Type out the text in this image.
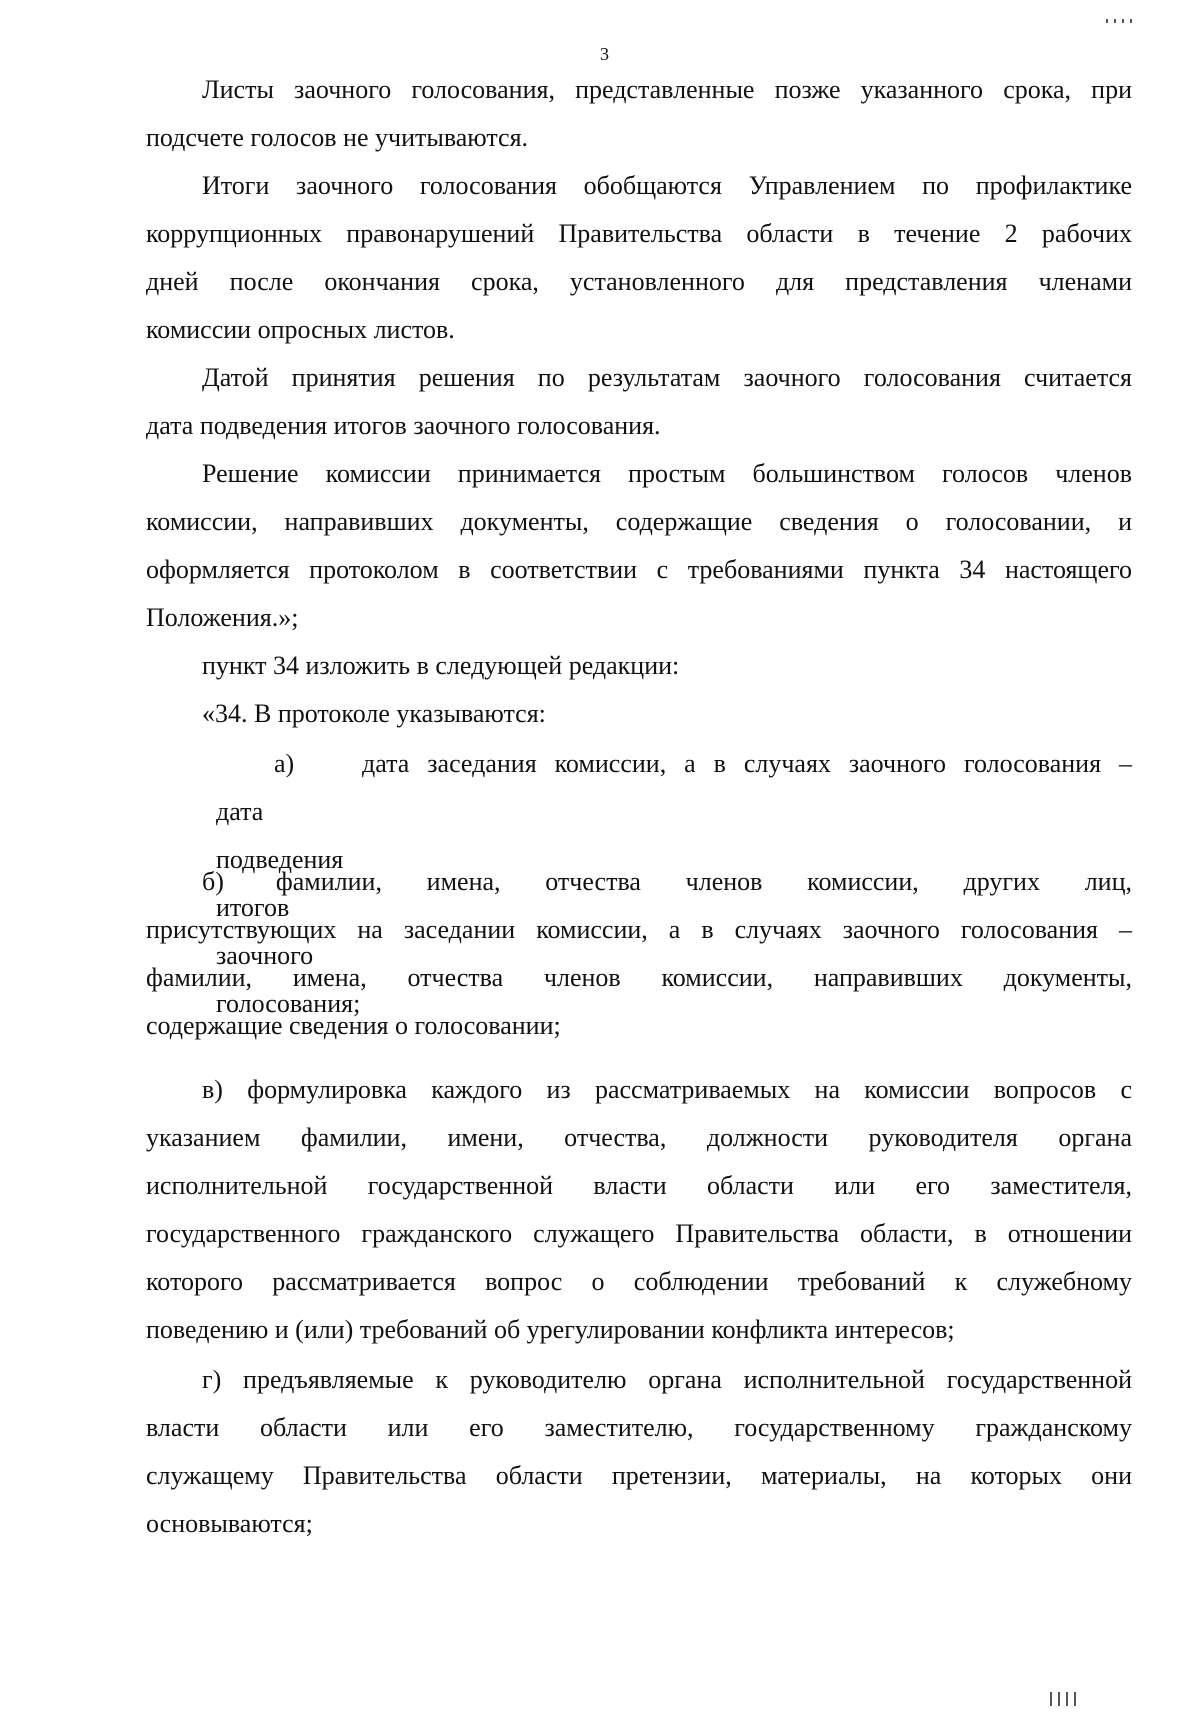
3

Листы заочного голосования, представленные позже указанного срока, при
подсчете голосов не учитываются.

Итоги заочного голосования обобщаются Управлением по профилактике
коррупционных правонарушений Правительства области в течение 2 рабочих
дней после окончания срока, установленного для представления членами
комиссии опросных листов.

Датой принятия решения по результатам заочного голосования считается
дата подведения итогов заочного голосования.

Решение комиссии принимается простым большинством голосов членов
комиссии, направивших документы, содержащие сведения о голосовании, и
оформляется протоколом в соответствии с требованиями пункта 34 настоящего
Положения.»;

пункт 34 изложить в следующей редакции:

«34. В протоколе указываются:

а)	дата заседания комиссии, а в случаях заочного голосования –
дата подведения итогов заочного голосования;

б)  фамилии, имена, отчества членов комиссии, других лиц,
присутствующих на заседании комиссии, а в случаях заочного голосования –
фамилии, имена, отчества членов комиссии, направивших документы,
содержащие сведения о голосовании;

в) формулировка каждого из рассматриваемых на комиссии вопросов с
указанием фамилии, имени, отчества, должности руководителя органа
исполнительной государственной власти области или его заместителя,
государственного гражданского служащего Правительства области, в отношении
которого рассматривается вопрос о соблюдении требований к служебному
поведению и (или) требований об урегулировании конфликта интересов;

г) предъявляемые к руководителю органа исполнительной государственной
власти области или его заместителю, государственному гражданскому
служащему Правительства области претензии, материалы, на которых они
основываются;
